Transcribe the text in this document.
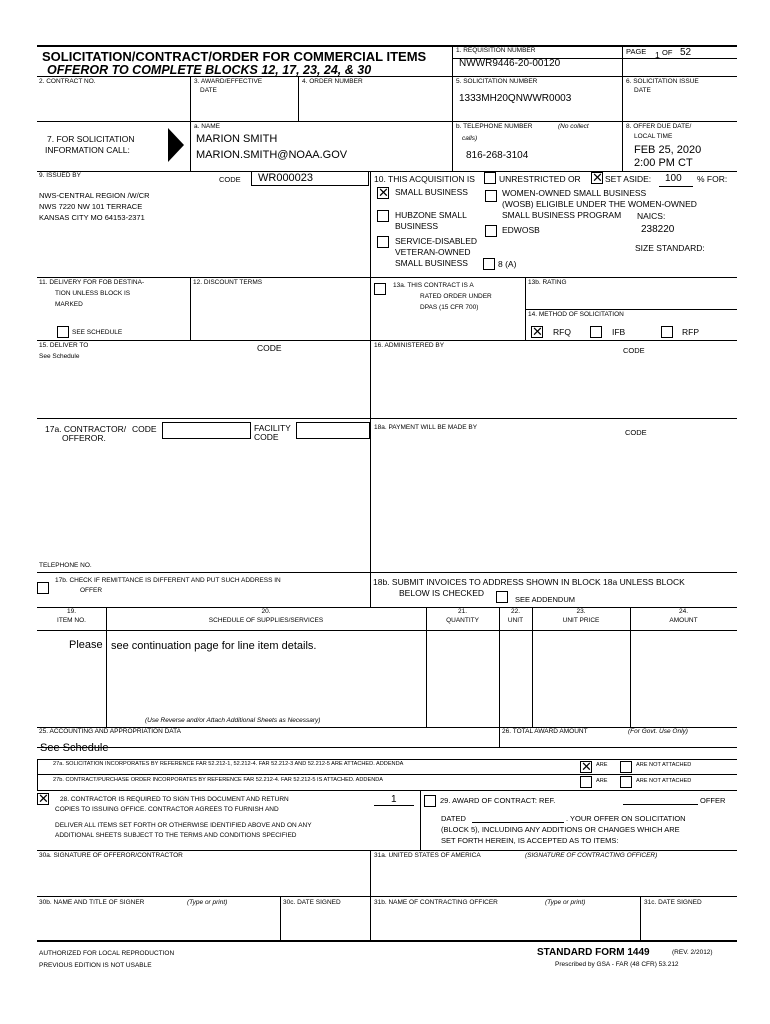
SOLICITATION/CONTRACT/ORDER FOR COMMERCIAL ITEMS
OFFEROR TO COMPLETE BLOCKS 12, 17, 23, 24, & 30
1. REQUISITION NUMBER
NWWR9446-20-00120
PAGE 1 OF 52
2. CONTRACT NO.	3. AWARD/EFFECTIVE
DATE
4. ORDER NUMBER	5. SOLICITATION NUMBER
1333MH20QNWWR0003
6. SOLICITATION ISSUE
DATE
7. FOR SOLICITATION
INFORMATION CALL:
a. NAME
MARION SMITH
MARION.SMITH@NOAA.GOV
b. TELEPHONE NUMBER	(No collect
calls)
816-268-3104
8. OFFER DUE DATE/
LOCAL TIME
FEB 25, 2020
2:00 PM CT
9. ISSUED BY	CODE WR000023
NWS-CENTRAL REGION /W/CR
NWS 7220 NW 101 TERRACE
KANSAS CITY MO 64153-2371
10. THIS ACQUISITION IS	UNRESTRICTED OR ✕ SET ASIDE: 100 % FOR:
✕ SMALL BUSINESS	WOMEN-OWNED SMALL BUSINESS
(WOSB) ELIGIBLE UNDER THE WOMEN-OWNED
SMALL BUSINESS PROGRAM NAICS:
238220
HUBZONE SMALL
BUSINESS	EDWOSB
SERVICE-DISABLED
VETERAN-OWNED
SMALL BUSINESS	8 (A)
SIZE STANDARD:
11. DELIVERY FOR FOB DESTINA-
TION UNLESS BLOCK IS
MARKED
SEE SCHEDULE
12. DISCOUNT TERMS	13a. THIS CONTRACT IS A
RATED ORDER UNDER
DPAS (15 CFR 700)
13b. RATING
14. METHOD OF SOLICITATION
✕ RFQ	IFB	RFP
15. DELIVER TO	CODE
See Schedule
16. ADMINISTERED BY
CODE
17a. CONTRACTOR/
OFFEROR.
CODE	FACILITY
CODE
18a. PAYMENT WILL BE MADE BY
CODE
TELEPHONE NO.
17b. CHECK IF REMITTANCE IS DIFFERENT AND PUT SUCH ADDRESS IN
OFFER
18b. SUBMIT INVOICES TO ADDRESS SHOWN IN BLOCK 18a UNLESS BLOCK
BELOW IS CHECKED
SEE ADDENDUM
19.
ITEM NO.
20.
SCHEDULE OF SUPPLIES/SERVICES
21.
QUANTITY
22.
UNIT
23.
UNIT PRICE
24.
AMOUNT
Please see continuation page for line item details.
(Use Reverse and/or Attach Additional Sheets as Necessary)
25. ACCOUNTING AND APPROPRIATION DATA
See Schedule
26. TOTAL AWARD AMOUNT	(For Govt. Use Only)
27a. SOLICITATION INCORPORATES BY REFERENCE FAR 52.212-1, 52.212-4. FAR 52.212-3 AND 52.212-5 ARE ATTACHED. ADDENDA	✕ ARE	ARE NOT ATTACHED
27b. CONTRACT/PURCHASE ORDER INCORPORATES BY REFERENCE FAR 52.212-4. FAR 52.212-5 IS ATTACHED. ADDENDA	ARE	ARE NOT ATTACHED
✕ 28. CONTRACTOR IS REQUIRED TO SIGN THIS DOCUMENT AND RETURN
COPIES TO ISSUING OFFICE. CONTRACTOR AGREES TO FURNISH AND
DELIVER ALL ITEMS SET FORTH OR OTHERWISE IDENTIFIED ABOVE AND ON ANY
ADDITIONAL SHEETS SUBJECT TO THE TERMS AND CONDITIONS SPECIFIED
1	29. AWARD OF CONTRACT: REF.	OFFER
DATED	. YOUR OFFER ON SOLICITATION
(BLOCK 5), INCLUDING ANY ADDITIONS OR CHANGES WHICH ARE
SET FORTH HEREIN, IS ACCEPTED AS TO ITEMS:
30a. SIGNATURE OF OFFEROR/CONTRACTOR	31a. UNITED STATES OF AMERICA	(SIGNATURE OF CONTRACTING OFFICER)
30b. NAME AND TITLE OF SIGNER	(Type or print)	30c. DATE SIGNED	31b. NAME OF CONTRACTING OFFICER	(Type or print)	31c. DATE SIGNED
AUTHORIZED FOR LOCAL REPRODUCTION
PREVIOUS EDITION IS NOT USABLE
STANDARD FORM 1449	(REV. 2/2012)
Prescribed by GSA - FAR (48 CFR) 53.212
